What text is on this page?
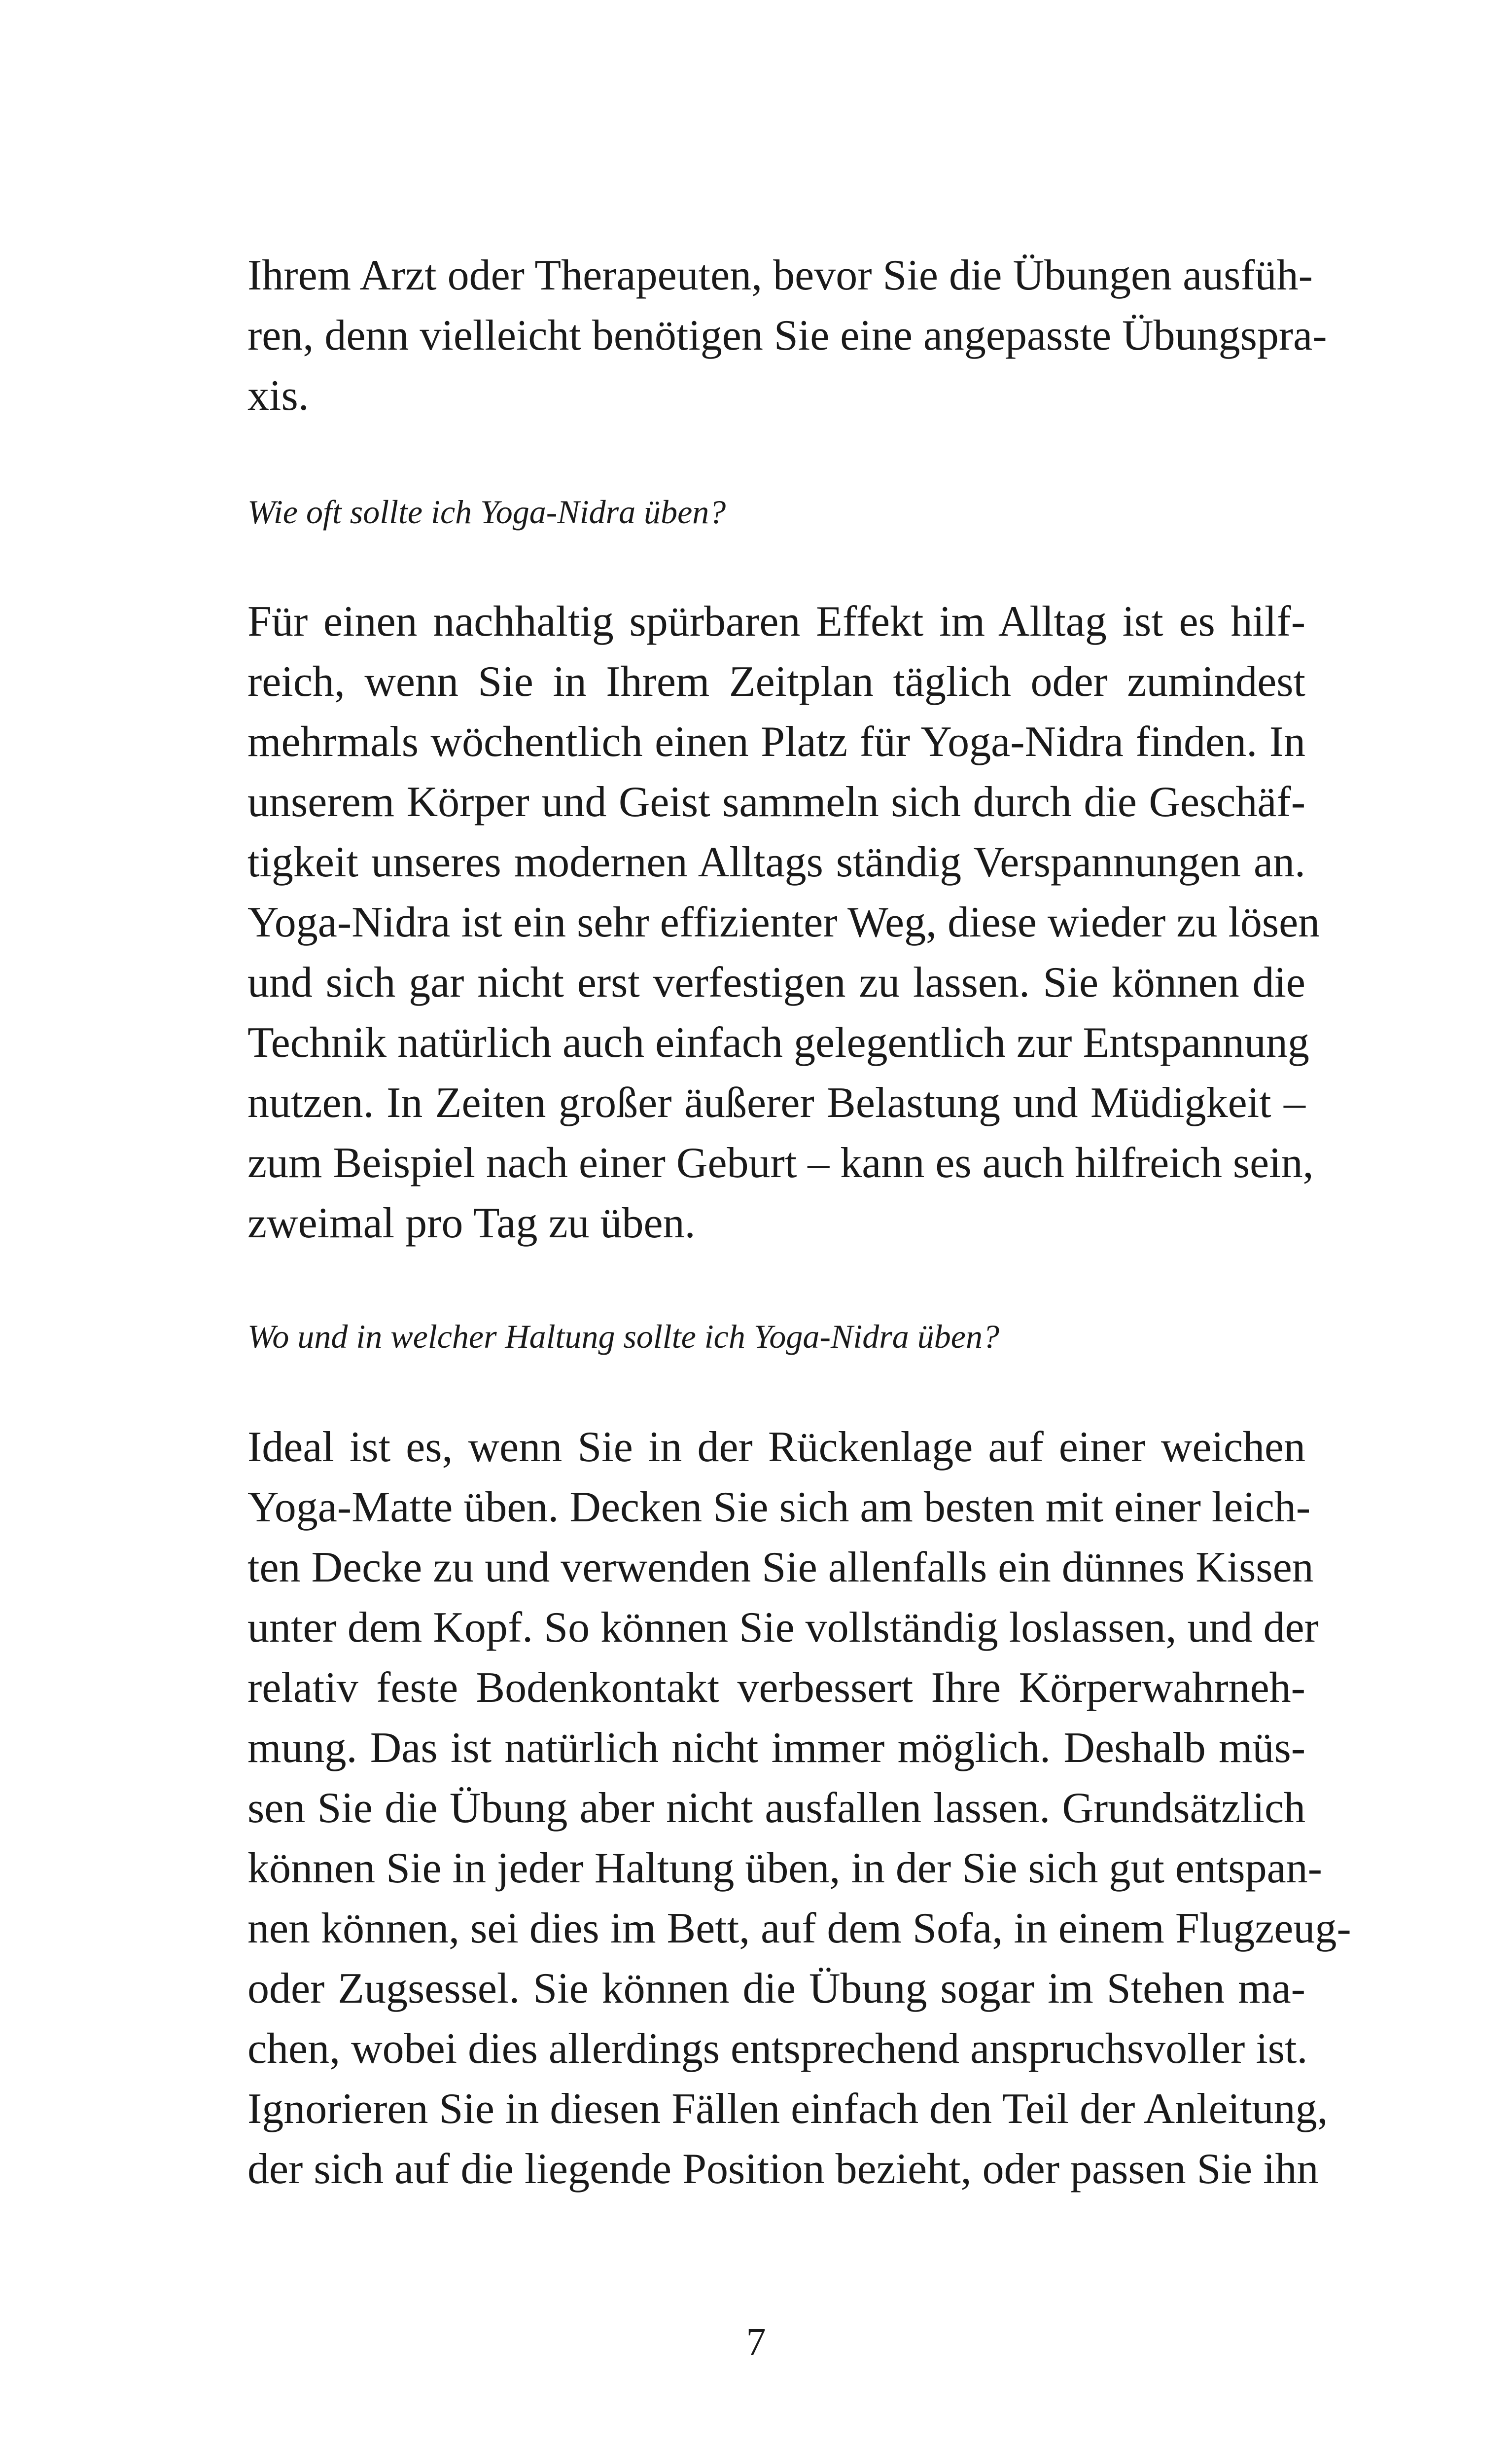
Ihrem Arzt oder Therapeuten, bevor Sie die Übungen ausfüh-
ren, denn vielleicht benötigen Sie eine angepasste Übungspra-
xis.
Wie oft sollte ich Yoga-Nidra üben?
Für einen nachhaltig spürbaren Effekt im Alltag ist es hilf-
reich, wenn Sie in Ihrem Zeitplan täglich oder zumindest
mehrmals wöchentlich einen Platz für Yoga-Nidra finden. In
unserem Körper und Geist sammeln sich durch die Geschäf-
tigkeit unseres modernen Alltags ständig Verspannungen an.
Yoga-Nidra ist ein sehr effizienter Weg, diese wieder zu lösen
und sich gar nicht erst verfestigen zu lassen. Sie können die
Technik natürlich auch einfach gelegentlich zur Entspannung
nutzen. In Zeiten großer äußerer Belastung und Müdigkeit –
zum Beispiel nach einer Geburt – kann es auch hilfreich sein,
zweimal pro Tag zu üben.
Wo und in welcher Haltung sollte ich Yoga-Nidra üben?
Ideal ist es, wenn Sie in der Rückenlage auf einer weichen
Yoga-Matte üben. Decken Sie sich am besten mit einer leich-
ten Decke zu und verwenden Sie allenfalls ein dünnes Kissen
unter dem Kopf. So können Sie vollständig loslassen, und der
relativ feste Bodenkontakt verbessert Ihre Körperwahrneh-
mung. Das ist natürlich nicht immer möglich. Deshalb müs-
sen Sie die Übung aber nicht ausfallen lassen. Grundsätzlich
können Sie in jeder Haltung üben, in der Sie sich gut entspan-
nen können, sei dies im Bett, auf dem Sofa, in einem Flugzeug-
oder Zugsessel. Sie können die Übung sogar im Stehen ma-
chen, wobei dies allerdings entsprechend anspruchsvoller ist.
Ignorieren Sie in diesen Fällen einfach den Teil der Anleitung,
der sich auf die liegende Position bezieht, oder passen Sie ihn
7
